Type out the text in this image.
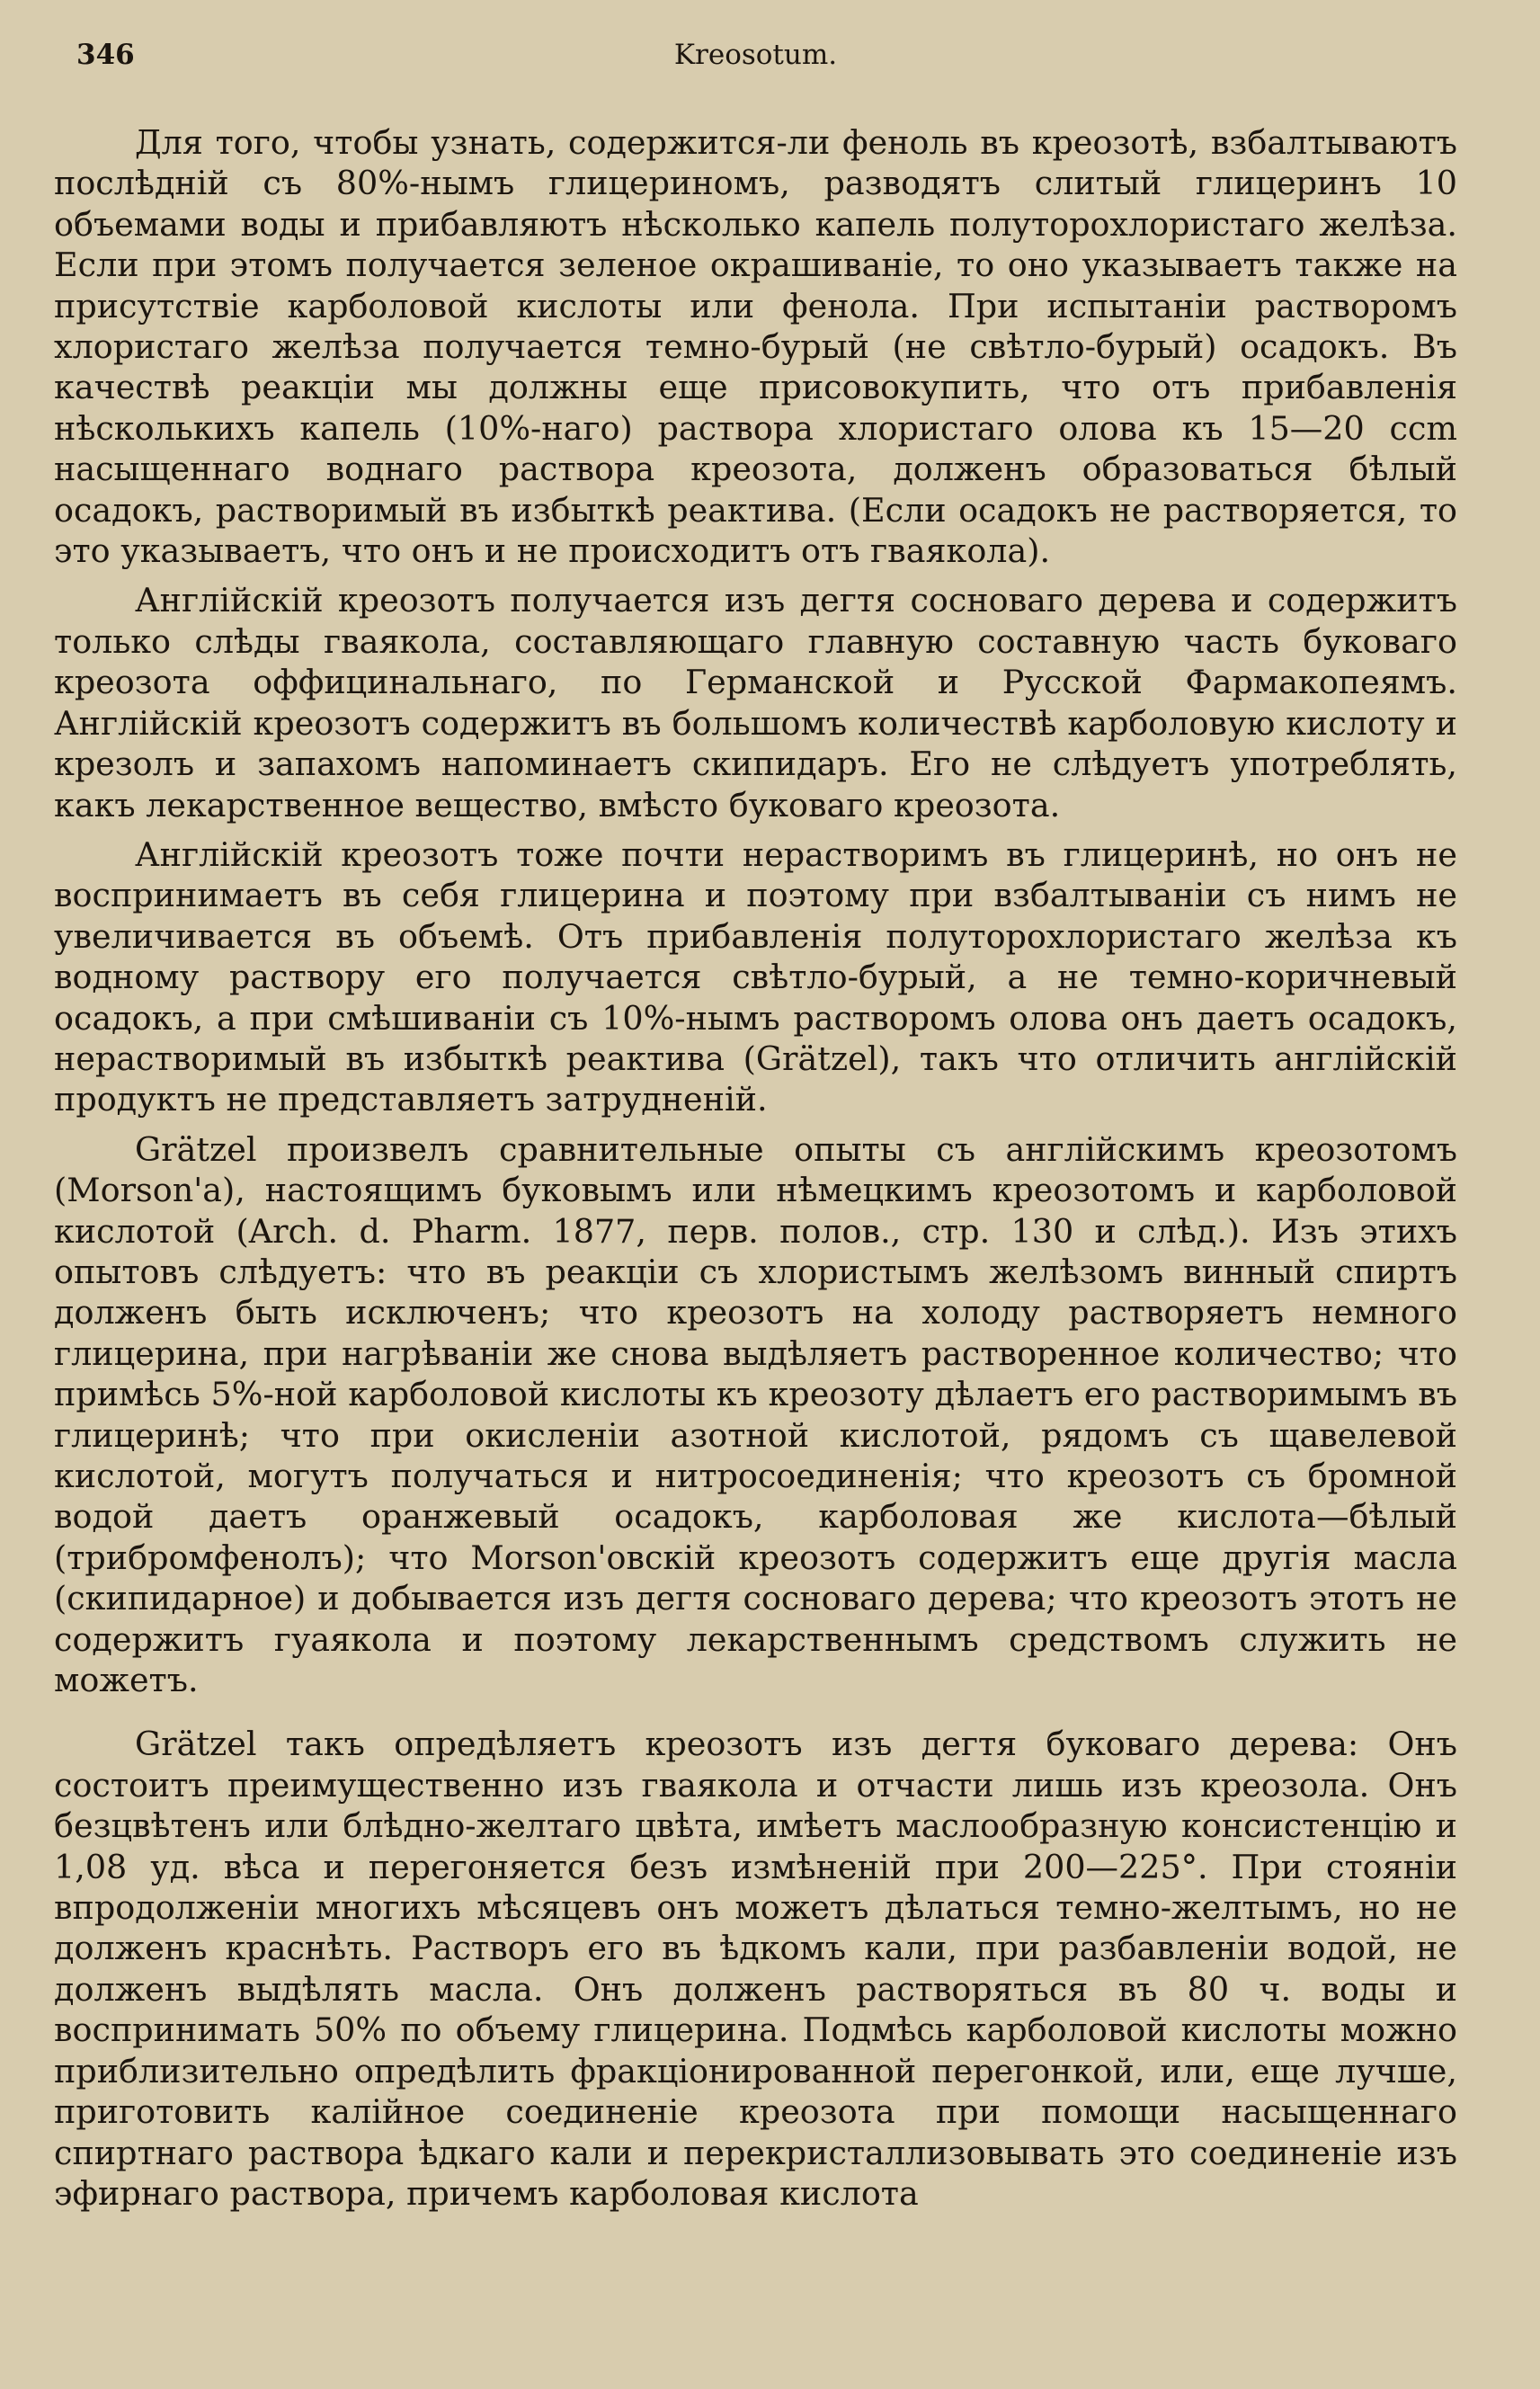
346	Kreosotum.

Для того, чтобы узнать, содержится-ли феноль въ креозотѣ, взбалтываютъ послѣдній съ 80%-нымъ глицериномъ, разводятъ слитый глицеринъ 10 объемами воды и прибавляютъ нѣсколько капель полуторохлористаго желѣза. Если при этомъ получается зеленое окрашиваніе, то оно указываетъ также на присутствіе карболовой кислоты или фенола. При испытаніи растворомъ хлористаго желѣза получается темно-бурый (не свѣтло-бурый) осадокъ. Въ качествѣ реакціи мы должны еще присовокупить, что отъ прибавленія нѣсколькихъ капель (10%-наго) раствора хлористаго олова къ 15—20 ccm насыщеннаго воднаго раствора креозота, долженъ образоваться бѣлый осадокъ, растворимый въ избыткѣ реактива. (Если осадокъ не растворяется, то это указываетъ, что онъ и не происходитъ отъ гваякола).

Англійскій креозотъ получается изъ дегтя сосноваго дерева и содержитъ только слѣды гваякола, составляющаго главную составную часть буковаго креозота оффицинальнаго, по Германской и Русской Фармакопеямъ. Англійскій креозотъ содержитъ въ большомъ количествѣ карболовую кислоту и крезолъ и запахомъ напоминаетъ скипидаръ. Его не слѣдуетъ употреблять, какъ лекарственное вещество, вмѣсто буковаго креозота.

Англійскій креозотъ тоже почти нерастворимъ въ глицеринѣ, но онъ не воспринимаетъ въ себя глицерина и поэтому при взбалтываніи съ нимъ не увеличивается въ объемѣ. Отъ прибавленія полуторохлористаго желѣза къ водному раствору его получается свѣтло-бурый, а не темно-коричневый осадокъ, а при смѣшиваніи съ 10%-нымъ растворомъ олова онъ даетъ осадокъ, нерастворимый въ избыткѣ реактива (Grätzel), такъ что отличить англійскій продуктъ не представляетъ затрудненій.

Grätzel произвелъ сравнительные опыты съ англійскимъ креозотомъ (Morson'a), настоящимъ буковымъ или нѣмецкимъ креозотомъ и карболовой кислотой (Arch. d. Pharm. 1877, перв. полов., стр. 130 и слѣд.). Изъ этихъ опытовъ слѣдуетъ: что въ реакціи съ хлористымъ желѣзомъ винный спиртъ долженъ быть исключенъ; что креозотъ на холоду растворяетъ немного глицерина, при нагрѣваніи же снова выдѣляетъ растворенное количество; что примѣсь 5%-ной карболовой кислоты къ креозоту дѣлаетъ его растворимымъ въ глицеринѣ; что при окисленіи азотной кислотой, рядомъ съ щавелевой кислотой, могутъ получаться и нитросоединенія; что креозотъ съ бромной водой даетъ оранжевый осадокъ, карболовая же кислота—бѣлый (трибромфенолъ); что Morson'овскій креозотъ содержитъ еще другія масла (скипидарное) и добывается изъ дегтя сосноваго дерева; что креозотъ этотъ не содержитъ гуаякола и поэтому лекарственнымъ средствомъ служить не можетъ.

Grätzel такъ опредѣляетъ креозотъ изъ дегтя буковаго дерева: Онъ состоитъ преимущественно изъ гваякола и отчасти лишь изъ креозола. Онъ безцвѣтенъ или блѣдно-желтаго цвѣта, имѣетъ маслообразную консистенцію и 1,08 уд. вѣса и перегоняется безъ измѣненій при 200—225°. При стояніи впродолженіи многихъ мѣсяцевъ онъ можетъ дѣлаться темно-желтымъ, но не долженъ краснѣть. Растворъ его въ ѣдкомъ кали, при разбавленіи водой, не долженъ выдѣлять масла. Онъ долженъ растворяться въ 80 ч. воды и воспринимать 50% по объему глицерина. Подмѣсь карболовой кислоты можно приблизительно опредѣлить фракціонированной перегонкой, или, еще лучше, приготовить калійное соединеніе креозота при помощи насыщеннаго спиртнаго раствора ѣдкаго кали и перекристаллизовывать это соединеніе изъ эфирнаго раствора, причемъ карболовая кислота
